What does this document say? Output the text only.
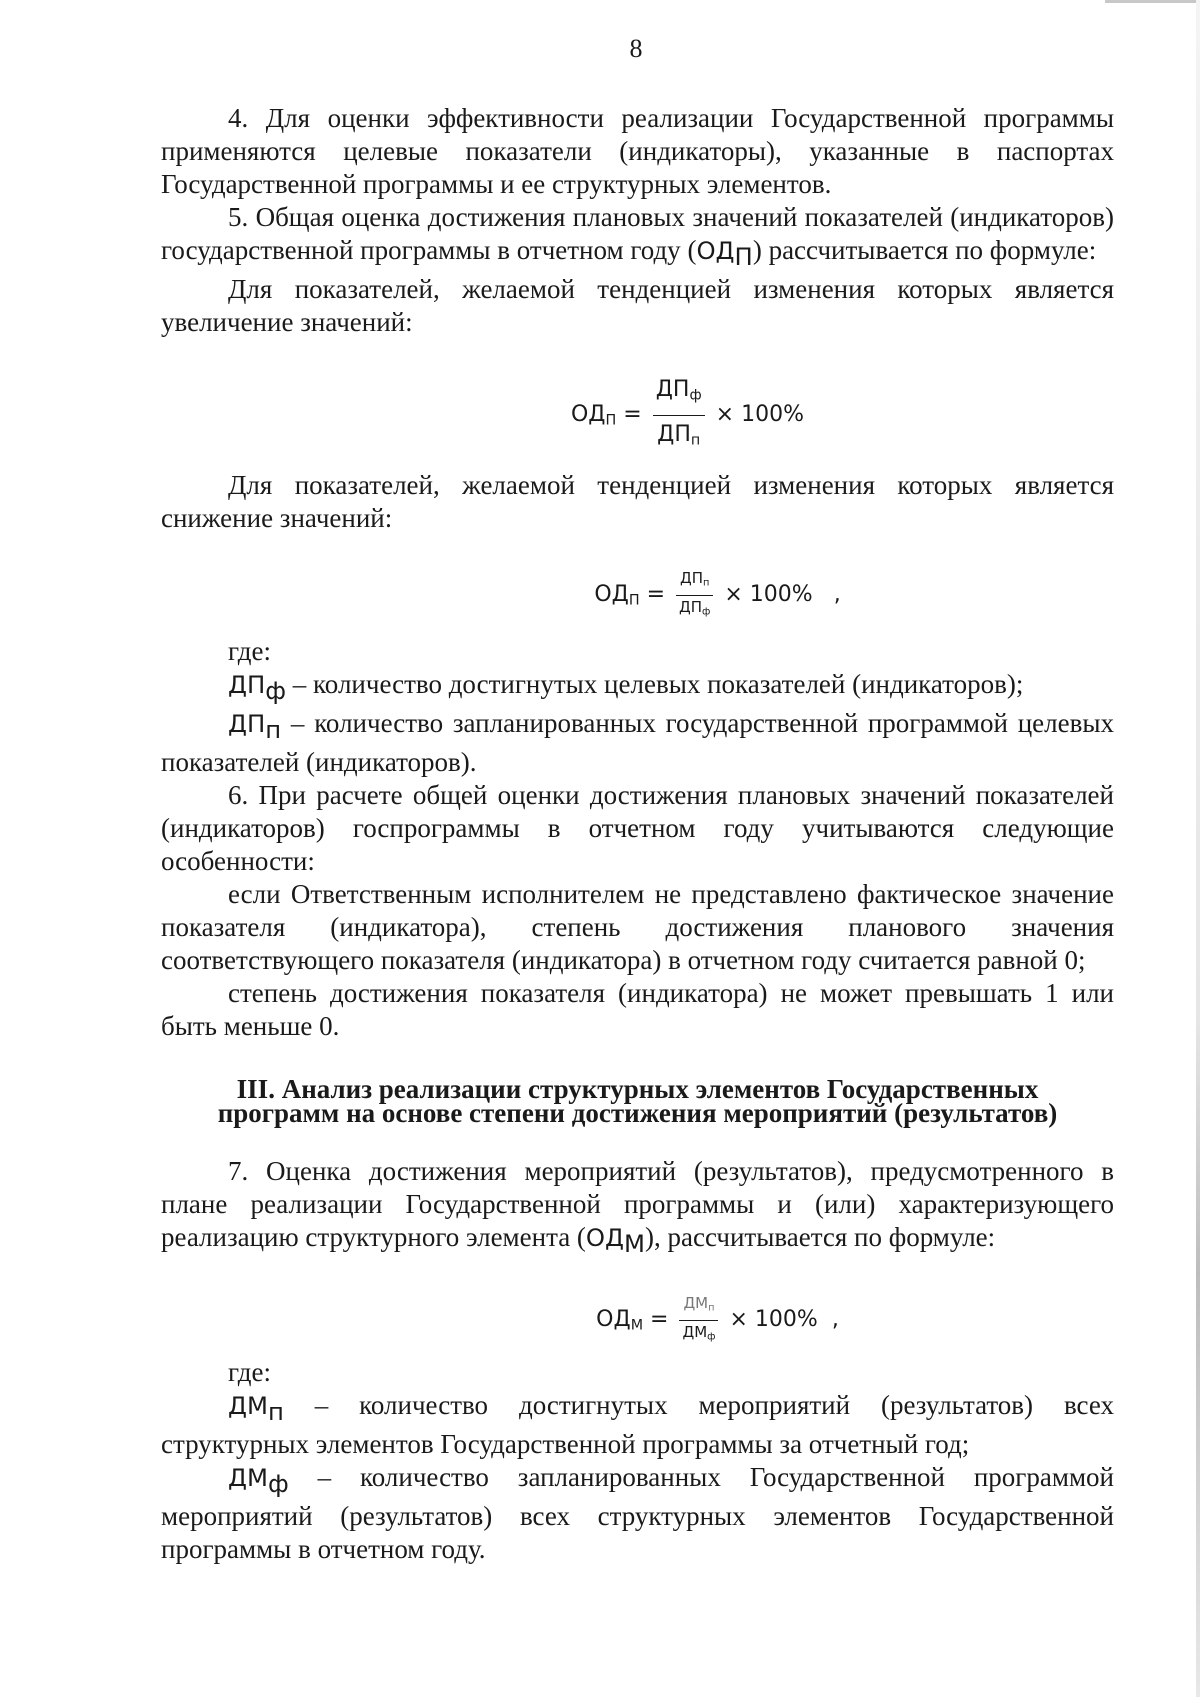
8

4. Для оценки эффективности реализации Государственной программы применяются целевые показатели (индикаторы), указанные в паспортах Государственной программы и ее структурных элементов.

5. Общая оценка достижения плановых значений показателей (индикаторов) государственной программы в отчетном году $(ОД_П)$ рассчитывается по формуле:

Для показателей, желаемой тенденцией изменения которых является увеличение значений:

$ОД_П = \frac{ДП_ф}{ДП_п} \times 100\%$

Для показателей, желаемой тенденцией изменения которых является снижение значений:

$ОД_П = \frac{ДП_п}{ДП_ф} \times 100\%$ ,

где:

$ДП_ф$ – количество достигнутых целевых показателей (индикаторов);

$ДП_п$ – количество запланированных государственной программой целевых показателей (индикаторов).

6. При расчете общей оценки достижения плановых значений показателей (индикаторов) госпрограммы в отчетном году учитываются следующие особенности:

если Ответственным исполнителем не представлено фактическое значение показателя (индикатора), степень достижения планового значения соответствующего показателя (индикатора) в отчетном году считается равной 0;

степень достижения показателя (индикатора) не может превышать 1 или быть меньше 0.

III. Анализ реализации структурных элементов Государственных
программ на основе степени достижения мероприятий (результатов)

7. Оценка достижения мероприятий (результатов), предусмотренного в плане реализации Государственной программы и (или) характеризующего реализацию структурного элемента $(ОД_М)$, рассчитывается по формуле:

$ОД_М = \frac{ДМ_п}{ДМ_ф} \times 100\%$ ,

где:

$ДМ_п$ – количество достигнутых мероприятий (результатов) всех структурных элементов Государственной программы за отчетный год;

$ДМ_ф$ – количество запланированных Государственной программой мероприятий (результатов) всех структурных элементов Государственной программы в отчетном году.
